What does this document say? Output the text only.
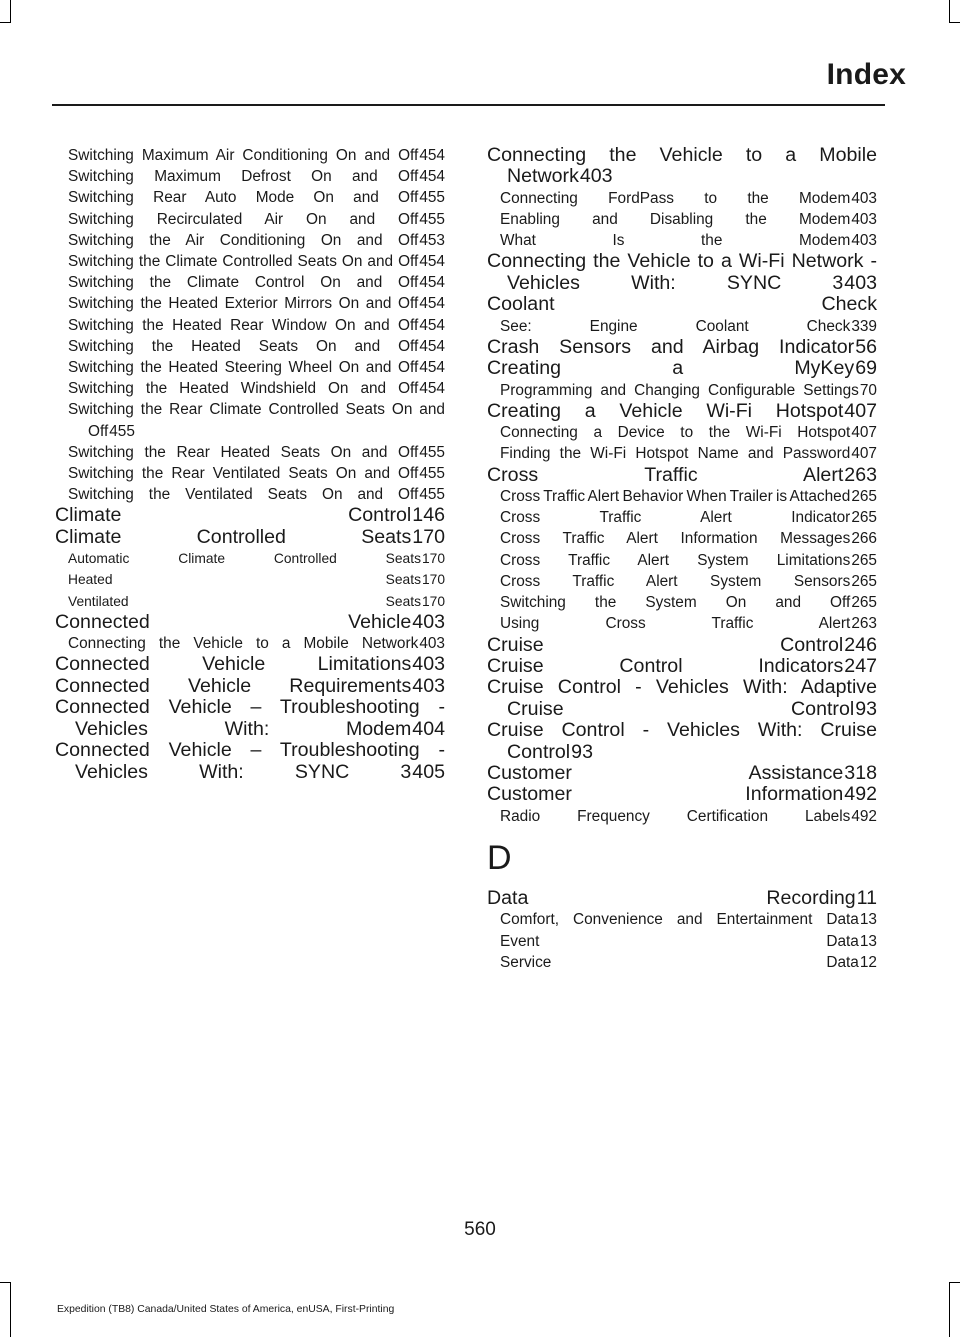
Index
Switching Maximum Air Conditioning On and Off454
Switching Maximum Defrost On and Off454
Switching Rear Auto Mode On and Off455
Switching Recirculated Air On and Off455
Switching the Air Conditioning On and Off453
Switching the Climate Controlled Seats On and Off454
Switching the Climate Control On and Off454
Switching the Heated Exterior Mirrors On and Off454
Switching the Heated Rear Window On and Off454
Switching the Heated Seats On and Off454
Switching the Heated Steering Wheel On and Off454
Switching the Heated Windshield On and Off454
Switching the Rear Climate Controlled Seats On and Off455
Switching the Rear Heated Seats On and Off455
Switching the Rear Ventilated Seats On and Off455
Switching the Ventilated Seats On and Off455
Climate Control146
Climate Controlled Seats170
Automatic Climate Controlled Seats170
Heated Seats170
Ventilated Seats170
Connected Vehicle403
Connecting the Vehicle to a Mobile Network403
Connected Vehicle Limitations403
Connected Vehicle Requirements403
Connected Vehicle – Troubleshooting - Vehicles With: Modem404
Connected Vehicle – Troubleshooting - Vehicles With: SYNC 3405
Connecting the Vehicle to a Mobile Network403
Connecting FordPass to the Modem403
Enabling and Disabling the Modem403
What Is the Modem403
Connecting the Vehicle to a Wi-Fi Network - Vehicles With: SYNC 3403
Coolant Check
See: Engine Coolant Check339
Crash Sensors and Airbag Indicator56
Creating a MyKey69
Programming and Changing Configurable Settings70
Creating a Vehicle Wi-Fi Hotspot407
Connecting a Device to the Wi-Fi Hotspot407
Finding the Wi-Fi Hotspot Name and Password407
Cross Traffic Alert263
Cross Traffic Alert Behavior When Trailer is Attached265
Cross Traffic Alert Indicator265
Cross Traffic Alert Information Messages266
Cross Traffic Alert System Limitations265
Cross Traffic Alert System Sensors265
Switching the System On and Off265
Using Cross Traffic Alert263
Cruise Control246
Cruise Control Indicators247
Cruise Control - Vehicles With: Adaptive Cruise Control93
Cruise Control - Vehicles With: Cruise Control93
Customer Assistance318
Customer Information492
Radio Frequency Certification Labels492
D
Data Recording11
Comfort, Convenience and Entertainment Data13
Event Data13
Service Data12
560
Expedition (TB8) Canada/United States of America, enUSA, First-Printing
